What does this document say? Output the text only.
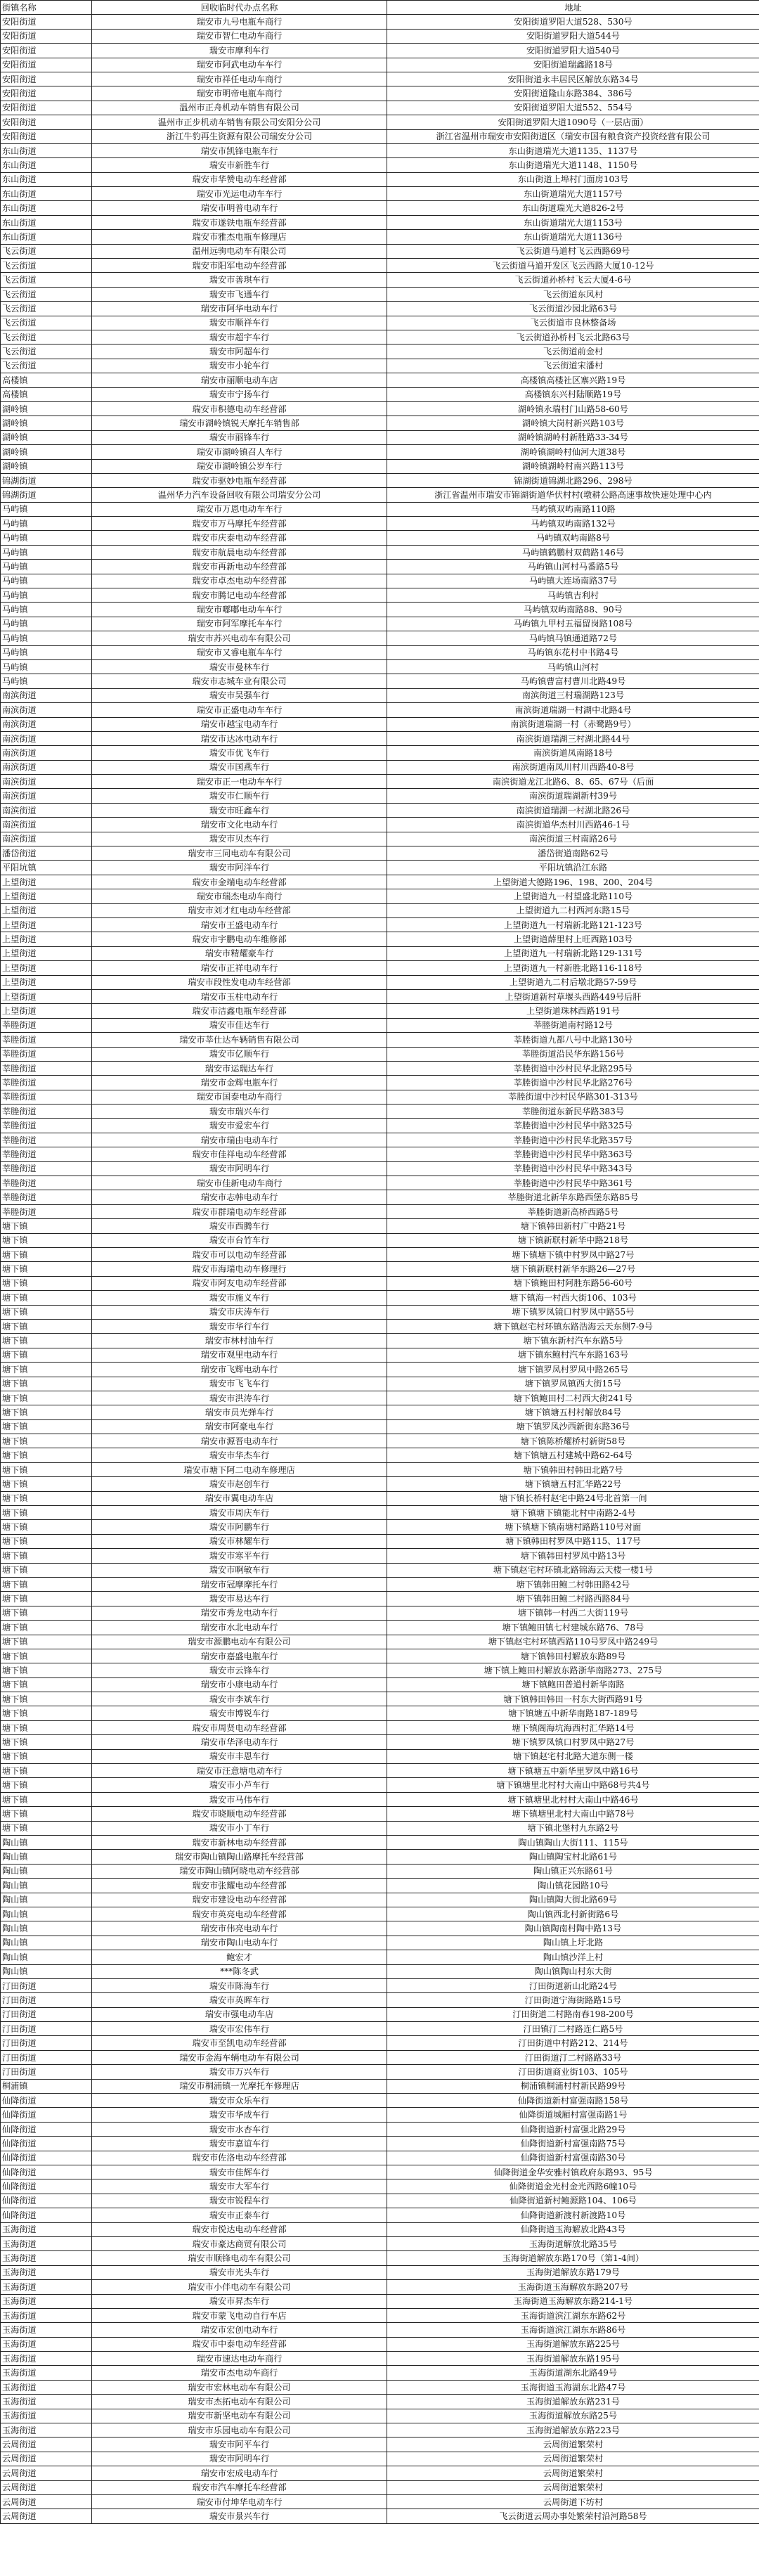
街镇名称	回收临时代办点名称	地址
安阳街道	瑞安市九号电瓶车商行	安阳街道罗阳大道528、530号
安阳街道	瑞安市智仁电动车商行	安阳街道罗阳大道544号
安阳街道	瑞安市摩利车行	安阳街道罗阳大道540号
安阳街道	瑞安市阿武电动车车行	安阳街道瑞鑫路18号
安阳街道	瑞安市祥任电动车商行	安阳街道永丰居民区解放东路34号
安阳街道	瑞安市明帝电瓶车商行	安阳街道隆山东路384、386号
安阳街道	温州市正舟机动车销售有限公司	安阳街道罗阳大道552、554号
安阳街道	温州市正步机动车销售有限公司安阳分公司	安阳街道罗阳大道1090号（一层店面）
安阳街道	浙江牛豹再生资源有限公司瑞安分公司	浙江省温州市瑞安市安阳街道区（瑞安市国有粮食资产投资经营有限公司
东山街道	瑞安市凯锋电瓶车行	东山街道瑞光大道1135、1137号
东山街道	瑞安市新胜车行	东山街道瑞光大道1148、1150号
东山街道	瑞安市华赞电动车经营部	东山街道上埠村门面房103号
东山街道	瑞安市光运电动车车行	东山街道瑞光大道1157号
东山街道	瑞安市明普电动车行	东山街道瑞光大道826-2号
东山街道	瑞安市遂铁电瓶车经营部	东山街道瑞光大道1153号
东山街道	瑞安市雅杰电瓶车修理店	东山街道瑞光大道1136号
飞云街道	温州远驹电动车有限公司	飞云街道马道村飞云西路69号
飞云街道	瑞安市阳军电动车经营部	飞云街道马道开发区飞云西路大厦10-12号
飞云街道	瑞安市善琪车行	飞云街道孙桥村飞云大厦4-6号
飞云街道	瑞安市飞通车行	飞云街道东风村
飞云街道	瑞安市阿华电动车行	飞云街道沙园北路63号
飞云街道	瑞安市顺祥车行	飞云街道市良林整备场
飞云街道	瑞安市超宇车行	飞云街道孙桥村飞云北路63号
飞云街道	瑞安市阿超车行	飞云街道前金村
飞云街道	瑞安市小轮车行	飞云街道宋潘村
高楼镇	瑞安市丽顺电动车店	高楼镇高楼社区寨兴路19号
高楼镇	瑞安市宁扬车行	高楼镇东兴村陆顺路19号
湖岭镇	瑞安市积德电动车经营部	湖岭镇永瑞村门山路58-60号
湖岭镇	瑞安市湖岭镇锐天摩托车销售部	湖岭镇大岗村新兴路103号
湖岭镇	瑞安市丽锋车行	湖岭镇湖岭村新胜路33-34号
湖岭镇	瑞安市湖岭镇召人车行	湖岭镇湖岭村仙河大道38号
湖岭镇	瑞安市湖岭镇公岁车行	湖岭镇湖岭村南兴路113号
锦湖街道	瑞安市驱妙电瓶车经营部	锦湖街道锦湖北路296、298号
锦湖街道	温州华力汽车设备回收有限公司瑞安分公司	浙江省温州市瑞安市锦湖街道华伏村村(墩耕公路高速事故快速处理中心内
马屿镇	瑞安市万恩电动车车行	马屿镇双屿南路110路
马屿镇	瑞安市万马摩托车经营部	马屿镇双屿南路132号
马屿镇	瑞安市庆泰电动车经营部	马屿镇双屿南路8号
马屿镇	瑞安市航晨电动车经营部	马屿镇鹤鹏村双鹤路146号
马屿镇	瑞安市再新电动车经营部	马屿镇山河村马番路5号
马屿镇	瑞安市卓杰电动车经营部	马屿镇大连场南路37号
马屿镇	瑞安市腾记电动车经营部	马屿镇吉利村
马屿镇	瑞安市嘟嘟电动车车行	马屿镇双屿南路88、90号
马屿镇	瑞安市阿军摩托车车行	马屿镇九甲村五福留岗路108号
马屿镇	瑞安市苏兴电动车有限公司	马屿镇马镇通道路72号
马屿镇	瑞安市又睿电瓶车车行	马屿镇东花村中书路4号
马屿镇	瑞安市曼林车行	马屿镇山河村
马屿镇	瑞安市志城车业有限公司	马屿镇曹富村曹川北路49号
南滨街道	瑞安市吴强车行	南滨街道三村瑞湖路123号
南滨街道	瑞安市正盛电动车车行	南滨街道瑞湖一村湖中北路4号
南滨街道	瑞安市越宝电动车行	南滨街道瑞湖一村（赤鹭路9号）
南滨街道	瑞安市达冰电动车行	南滨街道瑞湖三村湖北路44号
南滨街道	瑞安市优飞车行	南滨街道凤南路18号
南滨街道	瑞安市国燕车行	南滨街道南凤川村川西路40-8号
南滨街道	瑞安市正一电动车车行	南滨街道龙江北路6、8、65、67号（后面
南滨街道	瑞安市仁顺车行	南滨街道瑞湖新村39号
南滨街道	瑞安市旺鑫车行	南滨街道瑞湖一村湖北路26号
南滨街道	瑞安市文化电动车行	南滨街道华杰村川西路46-1号
南滨街道	瑞安市贝杰车行	南滨街道三村南路26号
潘岱街道	瑞安市三同电动车有限公司	潘岱街道南路62号
平阳坑镇	瑞安市阿洋车行	平阳坑镇沿江东路
上望街道	瑞安市金端电动车经营部	上望街道大德路196、198、200、204号
上望街道	瑞安市瑞杰电动车商行	上望街道九一村望盛北路110号
上望街道	瑞安市刘才红电动车经营部	上望街道九二村西河东路15号
上望街道	瑞安市王盛电动车行	上望街道九一村瑞新北路121-123号
上望街道	瑞安市宇鹏电动车维修部	上望街道薛里村上旺西路103号
上望街道	瑞安市精耀豪车行	上望街道九一村瑞新北路129-131号
上望街道	瑞安市正祥电动车行	上望街道九一村新胜北路116-118号
上望街道	瑞安市段性发电动车经营部	上望街道九二村后墩北路57-59号
上望街道	瑞安市玉柱电动车行	上望街道新村草堰头西路449号后肝
上望街道	瑞安市洁鑫电瓶车经营部	上望街道珠林西路191号
莘塍街道	瑞安市佳达车行	莘塍街道南村路12号
莘塍街道	瑞安市莘仕达车辆销售有限公司	莘塍街道九都八号中北路130号
莘塍街道	瑞安市亿顺车行	莘塍街道沿民华东路156号
莘塍街道	瑞安市运瑞达车行	莘塍街道中沙村民华北路295号
莘塍街道	瑞安市金辉电瓶车行	莘塍街道中沙村民华北路276号
莘塍街道	瑞安市国泰电动车商行	莘塍街道中沙村民华路301-313号
莘塍街道	瑞安市瑞兴车行	莘塍街道东新民华路383号
莘塍街道	瑞安市爱宏车行	莘塍街道中沙村民华中路325号
莘塍街道	瑞安市瑞由电动车行	莘塍街道中沙村民华北路357号
莘塍街道	瑞安市佳祥电动车经营部	莘塍街道中沙村民华中路363号
莘塍街道	瑞安市阿明车行	莘塍街道中沙村民华中路343号
莘塍街道	瑞安市佳新电动车商行	莘塍街道中沙村民华中路361号
莘塍街道	瑞安市志韩电动车行	莘塍街道北新华东路西堡东路85号
莘塍街道	瑞安市群瑞电动车经营部	莘塍街道新高桥西路5号
塘下镇	瑞安市西腾车行	塘下镇韩田新村广中路21号
塘下镇	瑞安市台竹车行	塘下镇新联村新华中路218号
塘下镇	瑞安市可以电动车经营部	塘下镇塘下镇中村罗凤中路27号
塘下镇	瑞安市海瑞电动车修理行	塘下镇新联村新华东路26—27号
塘下镇	瑞安市阿友电动车经营部	塘下镇鲍田村阿胜东路56-60号
塘下镇	瑞安市施义车行	塘下镇海一村西大街106、103号
塘下镇	瑞安市庆涛车行	塘下镇罗凤镜口村罗凤中路55号
塘下镇	瑞安市华行车行	塘下镇赵宅村环镇东路浩海云天东侧7-9号
塘下镇	瑞安市林村油车行	塘下镇东新村汽车东路5号
塘下镇	瑞安市观里电动车行	塘下镇东鲍村汽车东路163号
塘下镇	瑞安市飞辉电动车行	塘下镇罗凤村罗凤中路265号
塘下镇	瑞安市飞飞车行	塘下镇罗凤镇西大街15号
塘下镇	瑞安市洪涛车行	塘下镇鲍田村二村西大街241号
塘下镇	瑞安市员光弹车行	塘下镇塘五村村解放84号
塘下镇	瑞安市阿豪电车行	塘下镇罗凤沙西新街东路36号
塘下镇	瑞安市源晋电动车行	塘下镇陈桥耀桥村新街58号
塘下镇	瑞安市华杰车行	塘下镇塘五村建城中路62-64号
塘下镇	瑞安市塘下阿二电动车修理店	塘下镇韩田村韩田北路7号
塘下镇	瑞安市赵创车行	塘下镇塘五村汇华路22号
塘下镇	瑞安市翼电动车店	塘下镇长桥村赵宅中路24号北首第一间
塘下镇	瑞安市周庆车行	塘下镇塘下镇能北村中南路2-4号
塘下镇	瑞安市阿鹏车行	塘下镇塘下镇南塘村路路110号对面
塘下镇	瑞安市林耀车行	塘下镇韩田村罗凤中路115、117号
塘下镇	瑞安市寒平车行	塘下镇韩田村罗凤中路13号
塘下镇	瑞安市啊敏车行	塘下镇赵宅村环镇北路锦海云天楼一楼1号
塘下镇	瑞安市冠摩摩托车行	塘下镇韩田鲍二村韩田路42号
塘下镇	瑞安市易达车行	塘下镇韩田鲍二村路西路84号
塘下镇	瑞安市秀龙电动车行	塘下镇韩一村西二大街119号
塘下镇	瑞安市水北电动车行	塘下镇鲍田镇七村建城东路76、78号
塘下镇	瑞安市源鹏电动车有限公司	塘下镇赵宅村环镇西路110号罗凤中路249号
塘下镇	瑞安市嘉盛电瓶车行	塘下镇韩田村解放东路89号
塘下镇	瑞安市云锋车行	塘下镇上鲍田村解放东路浙华南路273、275号
塘下镇	瑞安市小康电动车行	塘下镇鲍田普道村新华南路
塘下镇	瑞安市李斌车行	塘下镇韩田韩田一村东大街西路91号
塘下镇	瑞安市博锐车行	塘下镇塘五中新华南路187-189号
塘下镇	瑞安市周贤电动车经营部	塘下镇阁海坑海西村汇华路14号
塘下镇	瑞安市华泽电动车行	塘下镇罗凤镇口村罗凤中路27号
塘下镇	瑞安市丰恩车行	塘下镇赵宅村北路大道东侧一楼
塘下镇	瑞安市汪意塘电动车行	塘下镇塘五中新华里罗凤中路16号
塘下镇	瑞安市小芦车行	塘下镇塘里北村村大南山中路68号共4号
塘下镇	瑞安市马伟车行	塘下镇塘里北村村大南山中路46号
塘下镇	瑞安市晓顺电动车经营部	塘下镇塘里北村大南山中路78号
塘下镇	瑞安市小丁车行	塘下镇北堡村九东路2号
陶山镇	瑞安市新林电动车经营部	陶山镇陶山大街111、115号
陶山镇	瑞安市陶山镇陶山路摩托车经营部	陶山镇陶宝村北路61号
陶山镇	瑞安市陶山镇阿晓电动车经营部	陶山镇正兴东路61号
陶山镇	瑞安市张耀电动车经营部	陶山镇花园路10号
陶山镇	瑞安市建设电动车经营部	陶山镇陶大街北路69号
陶山镇	瑞安市英亮电动车经营部	陶山镇西北村新街路6号
陶山镇	瑞安市伟亮电动车行	陶山镇陶南村陶中路13号
陶山镇	瑞安市陶山电动车行	陶山镇上圩北路
陶山镇	鲍宏才	陶山镇沙洋上村
陶山镇	***陈冬武	陶山镇陶山村东大街
汀田街道	瑞安市陈海车行	汀田街道新山北路24号
汀田街道	瑞安市英晖车行	汀田街道宁海街路路15号
汀田街道	瑞安市强电动车店	汀田街道二村路南春198-200号
汀田街道	瑞安市宏伟车行	汀田镇汀二村路连仁路5号
汀田街道	瑞安市至凯电动车经营部	汀田街道中村路212、214号
汀田街道	瑞安市金海车辆电动车有限公司	汀田街道汀二村路路33号
汀田街道	瑞安市万兴车行	汀田街道商业街103、105号
桐浦镇	瑞安市桐浦镇一光摩托车修理店	桐浦镇桐浦村村新民路99号
仙降街道	瑞安市众乐车行	仙降街道新村富强南路158号
仙降街道	瑞安市华成车行	仙降街道城厢村富强南路1号
仙降街道	瑞安市水杏车行	仙降街道新村富强北路29号
仙降街道	瑞安市嘉谊车行	仙降街道新村富强南路75号
仙降街道	瑞安市佐洛电动车经营部	仙降街道新村富强南路30号
仙降街道	瑞安市佳辉车行	仙降街道金华安雅村镇政府东路93、95号
仙降街道	瑞安市大军车行	仙降街道金光村金光西路6幢10号
仙降街道	瑞安市锐程车行	仙降街道新村鲍源路104、106号
仙降街道	瑞安市正泰车行	仙降街道新渡村新渡路10号
玉海街道	瑞安市悦达电动车经营部	仙降街道玉海解放北路43号
玉海街道	瑞安市豪达商贸有限公司	玉海街道解放北路35号
玉海街道	瑞安市顺锋电动车有限公司	玉海街道解放东路170号（第1-4间）
玉海街道	瑞安市光头车行	玉海街道解放东路179号
玉海街道	瑞安市小伴电动车有限公司	玉海街道玉海解放东路207号
玉海街道	瑞安市昇杰车行	玉海街道玉海解放东路214-1号
玉海街道	瑞安市蒙飞电动自行车店	玉海街道滨江湖东东路62号
玉海街道	瑞安市宏创电动车行	玉海街道滨江湖东东路86号
玉海街道	瑞安市中泰电动车经营部	玉海街道解放东路225号
玉海街道	瑞安市速达电动车商行	玉海街道解放东路195号
玉海街道	瑞安市杰电动车商行	玉海街道湖东北路49号
玉海街道	瑞安市宏林电动车有限公司	玉海街道玉海湖东北路47号
玉海街道	瑞安市杰拓电动车有限公司	玉海街道解放东路231号
玉海街道	瑞安市新坚电动车有限公司	玉海街道解放东路25号
玉海街道	瑞安市乐园电动车有限公司	玉海街道解放东路223号
云周街道	瑞安市阿平车行	云周街道繁荣村
云周街道	瑞安市阿明车行	云周街道繁荣村
云周街道	瑞安市宏成电动车行	云周街道繁荣村
云周街道	瑞安市汽车摩托车经营部	云周街道繁荣村
云周街道	瑞安市付坤华电动车行	云周街道下坊村
云周街道	瑞安市景兴车行	飞云街道云周办事处繁荣村沿河路58号
